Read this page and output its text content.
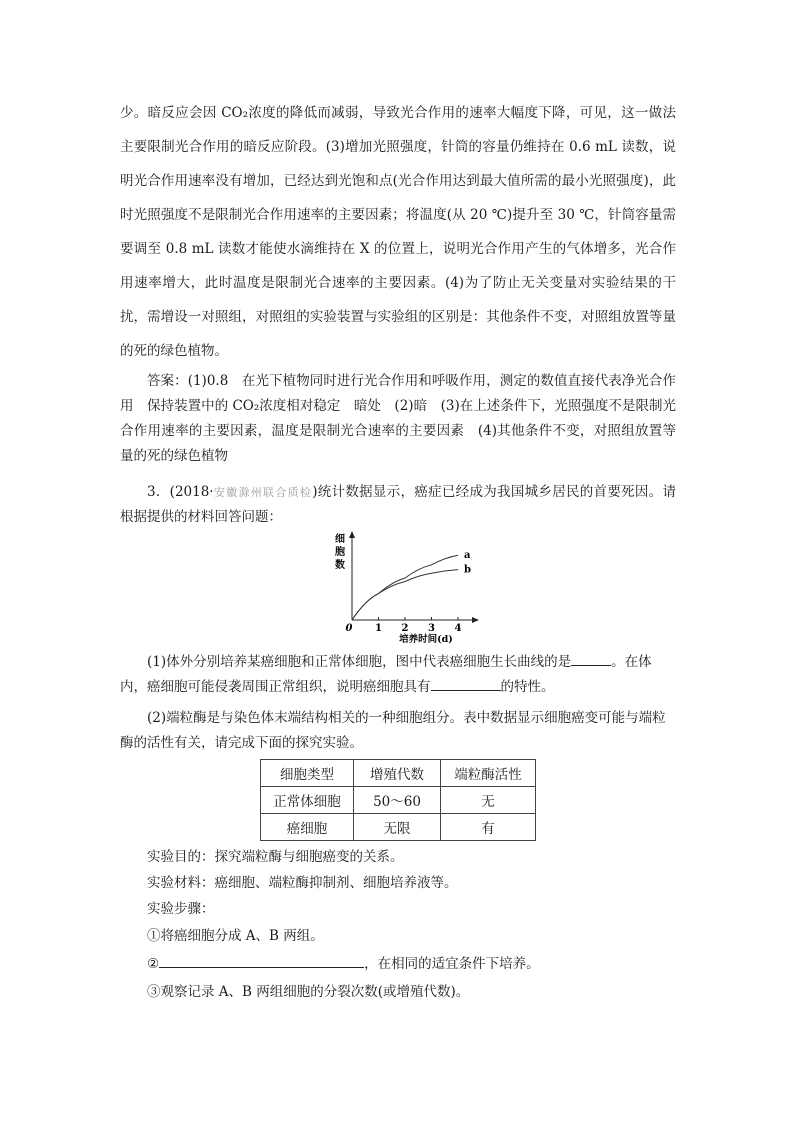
少。暗反应会因 CO₂浓度的降低而减弱，导致光合作用的速率大幅度下降，可见，这一做法主要限制光合作用的暗反应阶段。(3)增加光照强度，针筒的容量仍维持在 0.6 mL 读数，说明光合作用速率没有增加，已经达到光饱和点(光合作用达到最大值所需的最小光照强度)，此时光照强度不是限制光合作用速率的主要因素；将温度(从 20 ℃)提升至 30 ℃，针筒容量需要调至 0.8 mL 读数才能使水滴维持在 X 的位置上，说明光合作用产生的气体增多，光合作用速率增大，此时温度是限制光合速率的主要因素。(4)为了防止无关变量对实验结果的干扰，需增设一对照组，对照组的实验装置与实验组的区别是：其他条件不变，对照组放置等量的死的绿色植物。

答案：(1)0.8　在光下植物同时进行光合作用和呼吸作用，测定的数值直接代表净光合作用　保持装置中的 CO₂浓度相对稳定　暗处　(2)暗　(3)在上述条件下，光照强度不是限制光合作用速率的主要因素，温度是限制光合速率的主要因素　(4)其他条件不变，对照组放置等量的死的绿色植物

3．(2018·安徽滁州联合质检)统计数据显示，癌症已经成为我国城乡居民的首要死因。请根据提供的材料回答问题：

细
胞
数
0 1 2 3 4
培养时间(d)
a
b

(1)体外分别培养某癌细胞和正常体细胞，图中代表癌细胞生长曲线的是	。在体内，癌细胞可能侵袭周围正常组织，说明癌细胞具有	的特性。

(2)端粒酶是与染色体末端结构相关的一种细胞组分。表中数据显示细胞癌变可能与端粒酶的活性有关，请完成下面的探究实验。

细胞类型	增殖代数	端粒酶活性
正常体细胞	50～60	无
癌细胞	无限	有

实验目的：探究端粒酶与细胞癌变的关系。

实验材料：癌细胞、端粒酶抑制剂、细胞培养液等。

实验步骤：

①将癌细胞分成 A、B 两组。

②	，在相同的适宜条件下培养。

③观察记录 A、B 两组细胞的分裂次数(或增殖代数)。
